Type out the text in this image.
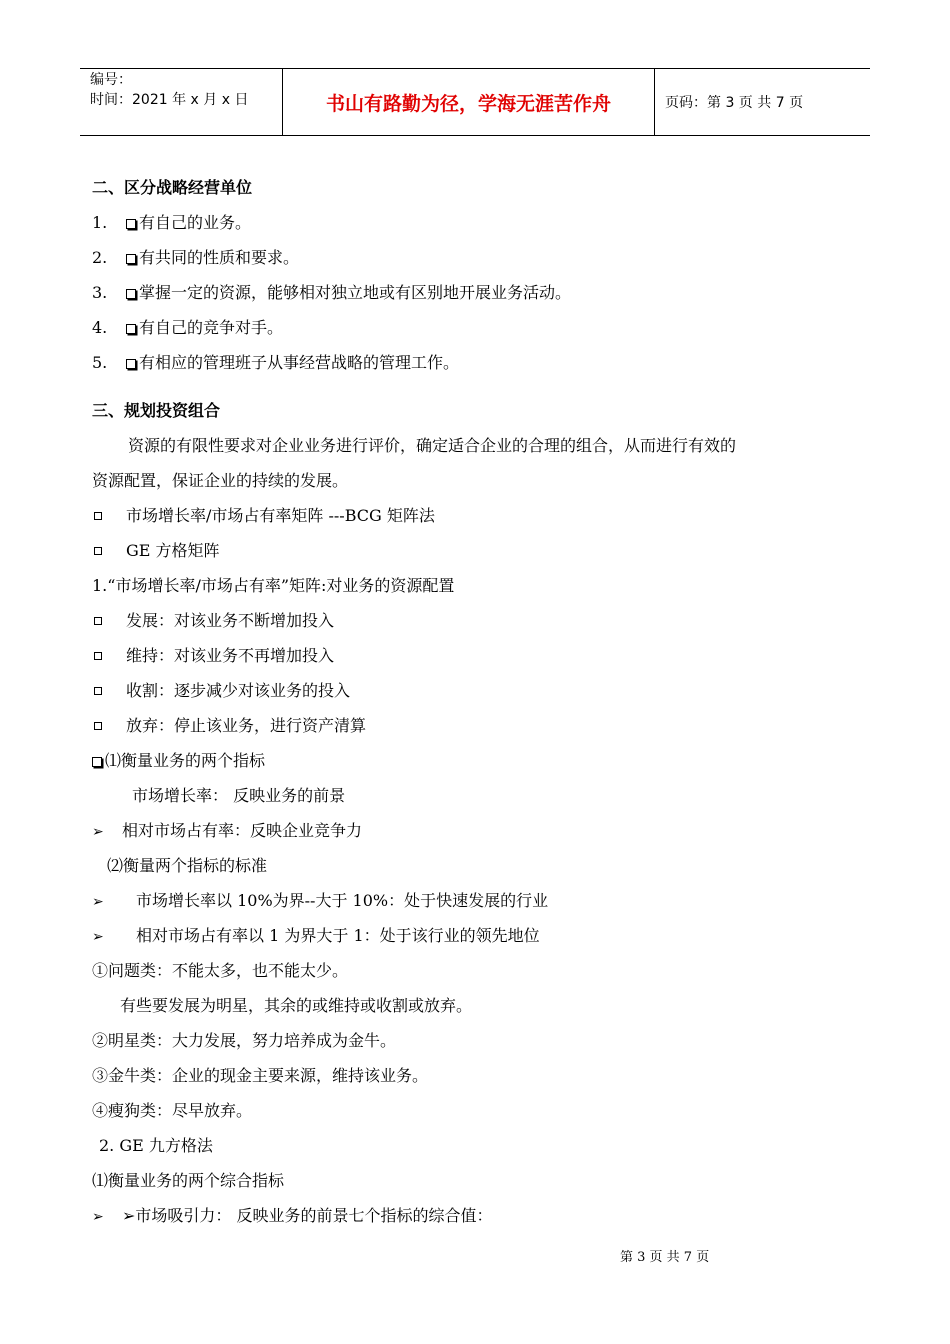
编号：
时间：2021 年 x 月 x 日	书山有路勤为径，学海无涯苦作舟	页码：第 3 页 共 7 页
二、区分战略经营单位
1. 有自己的业务。
2. 有共同的性质和要求。
3. 掌握一定的资源，能够相对独立地或有区别地开展业务活动。
4. 有自己的竞争对手。
5. 有相应的管理班子从事经营战略的管理工作。
三、规划投资组合
资源的有限性要求对企业业务进行评价，确定适合企业的合理的组合，从而进行有效的
资源配置，保证企业的持续的发展。
市场增长率/市场占有率矩阵 ---BCG 矩阵法
GE 方格矩阵
1.“市场增长率/市场占有率”矩阵:对业务的资源配置
发展：对该业务不断增加投入
维持：对该业务不再增加投入
收割：逐步减少对该业务的投入
放弃：停止该业务，进行资产清算
⑴衡量业务的两个指标
市场增长率： 反映业务的前景
➢ 相对市场占有率：反映企业竞争力
⑵衡量两个指标的标准
➢ 市场增长率以 10%为界--大于 10%：处于快速发展的行业
➢ 相对市场占有率以 1 为界大于 1：处于该行业的领先地位
①问题类：不能太多，也不能太少。
有些要发展为明星，其余的或维持或收割或放弃。
②明星类：大力发展，努力培养成为金牛。
③金牛类：企业的现金主要来源，维持该业务。
④瘦狗类：尽早放弃。
2. GE 九方格法
⑴衡量业务的两个综合指标
➢ ➢市场吸引力： 反映业务的前景七个指标的综合值：
第 3 页 共 7 页
